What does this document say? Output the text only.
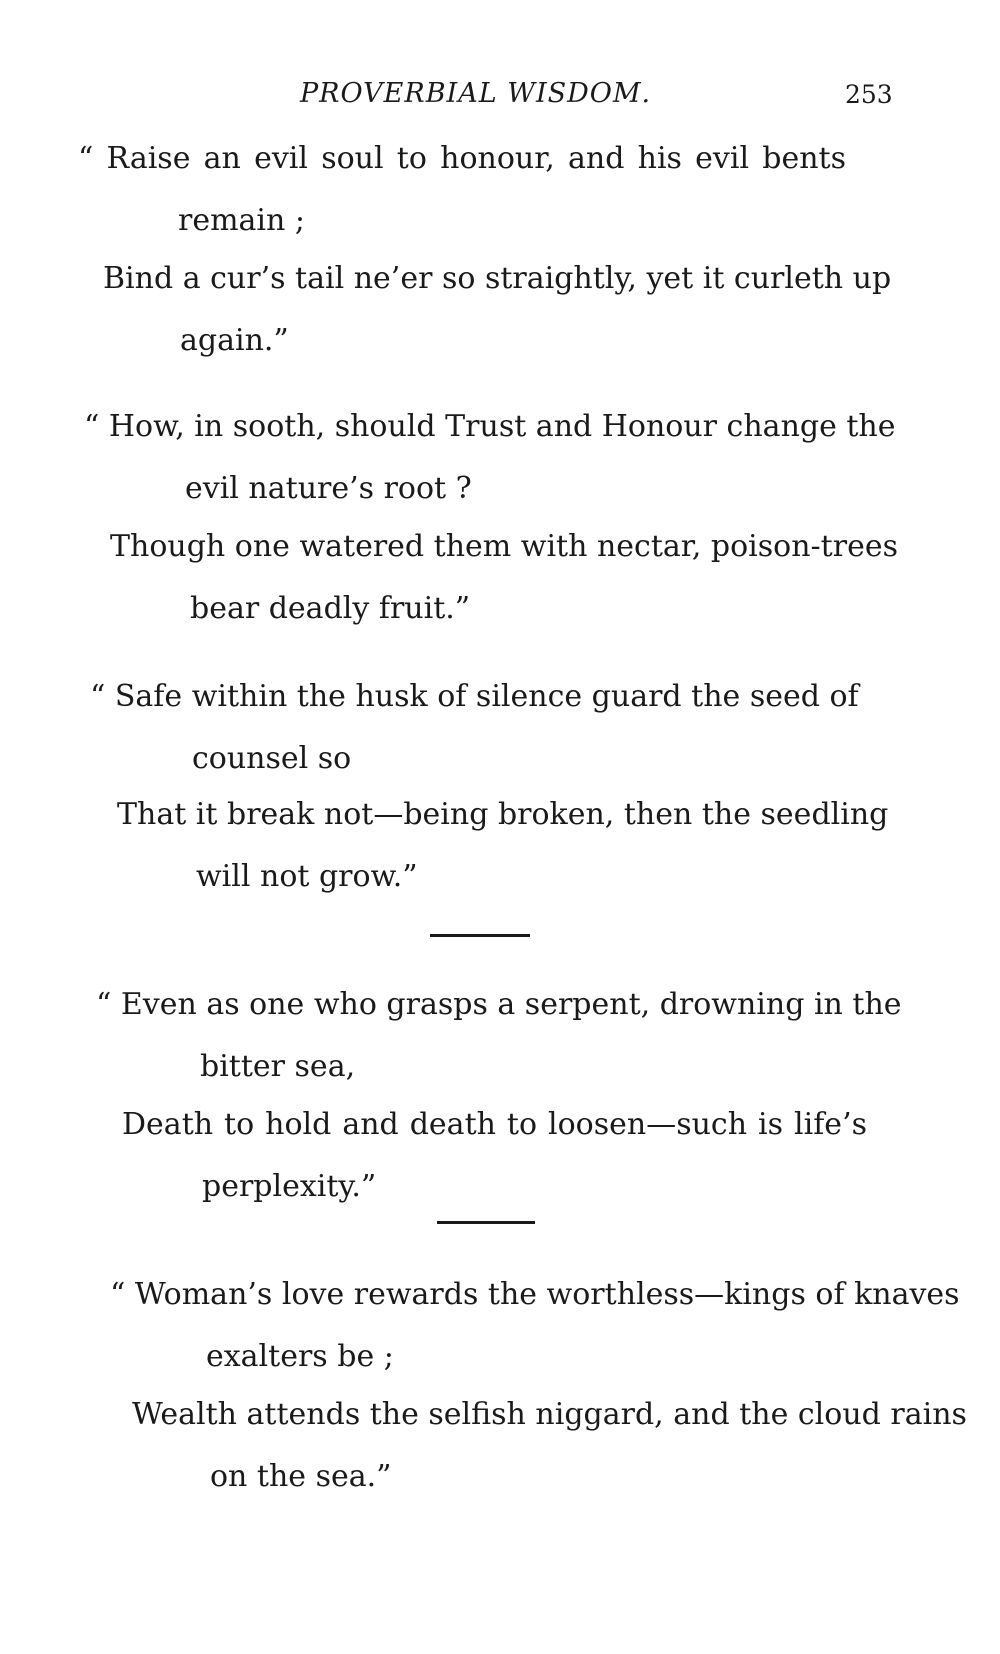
PROVERBIAL WISDOM.	253
“ Raise an evil soul to honour, and his evil bents
remain ;
Bind a cur’s tail ne’er so straightly, yet it curleth up
again.”
“ How, in sooth, should Trust and Honour change the
evil nature’s root ?
Though one watered them with nectar, poison-trees
bear deadly fruit.”
“ Safe within the husk of silence guard the seed of
counsel so
That it break not—being broken, then the seedling
will not grow.”
“ Even as one who grasps a serpent, drowning in the
bitter sea,
Death to hold and death to loosen—such is life’s
perplexity.”
“ Woman’s love rewards the worthless—kings of knaves
exalters be ;
Wealth attends the selfish niggard, and the cloud rains
on the sea.”
